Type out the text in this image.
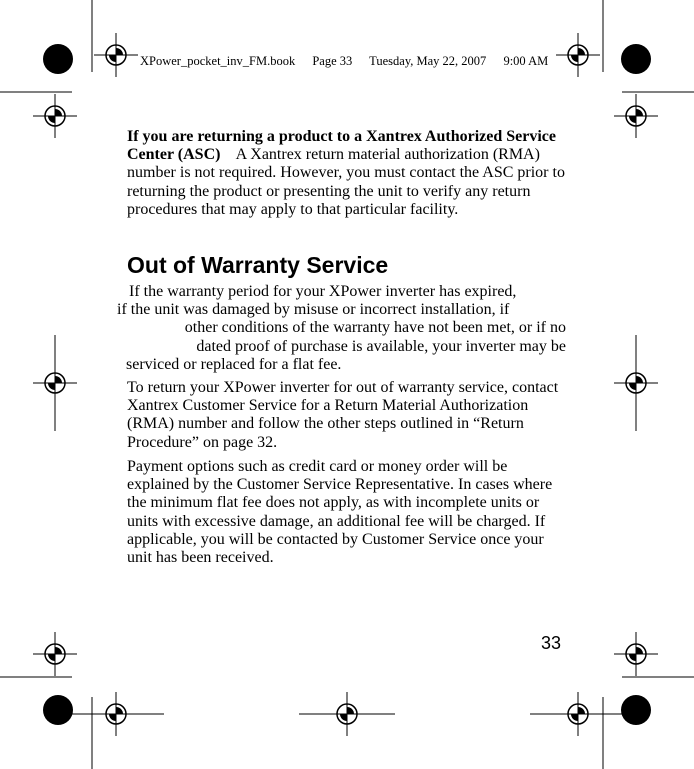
XPower_pocket_inv_FM.book Page 33 Tuesday, May 22, 2007 9:00 AM
If you are returning a product to a Xantrex Authorized Service Center (ASC) A Xantrex return material authorization (RMA) number is not required. However, you must contact the ASC prior to returning the product or presenting the unit to verify any return procedures that may apply to that particular facility.
Out of Warranty Service
If the warranty period for your XPower inverter has expired,
if the unit was damaged by misuse or incorrect installation, if
other conditions of the warranty have not been met, or if no
dated proof of purchase is available, your inverter may be
serviced or replaced for a flat fee.
To return your XPower inverter for out of warranty service, contact Xantrex Customer Service for a Return Material Authorization (RMA) number and follow the other steps outlined in “Return Procedure” on page 32.
Payment options such as credit card or money order will be explained by the Customer Service Representative. In cases where the minimum flat fee does not apply, as with incomplete units or units with excessive damage, an additional fee will be charged. If applicable, you will be contacted by Customer Service once your unit has been received.
33
